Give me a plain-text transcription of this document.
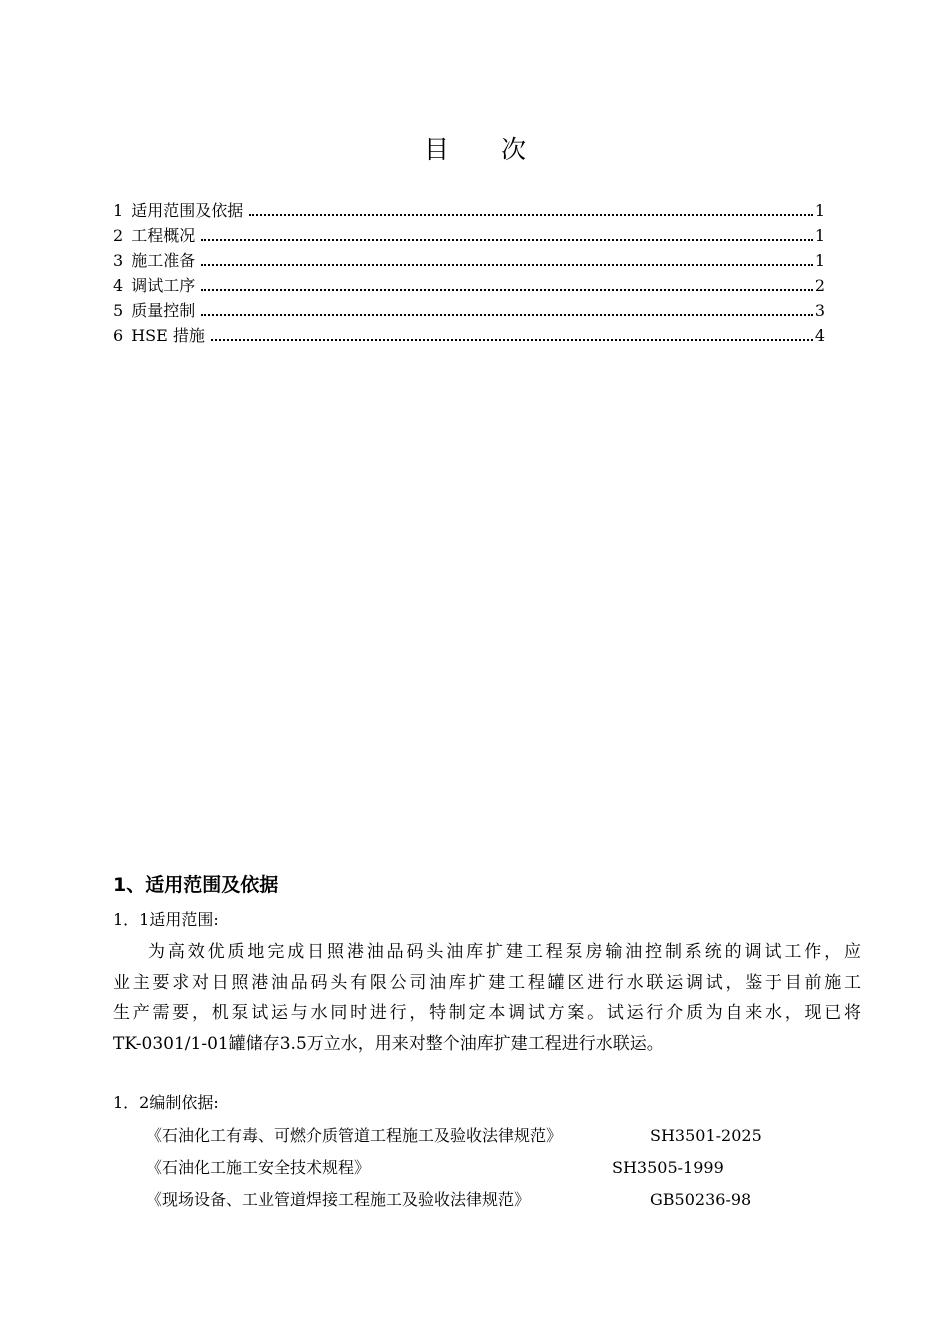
目次
1 适用范围及依据	1
2 工程概况	1
3 施工准备	1
4 调试工序	2
5 质量控制	3
6 HSE 措施	4
1、适用范围及依据
1．1适用范围:
为高效优质地完成日照港油品码头油库扩建工程泵房输油控制系统的调试工作，应
业主要求对日照港油品码头有限公司油库扩建工程罐区进行水联运调试，鉴于目前施工
生产需要，机泵试运与水同时进行，特制定本调试方案。试运行介质为自来水，现已将
TK-0301/1-01罐储存3.5万立水，用来对整个油库扩建工程进行水联运。
1．2编制依据:
《石油化工有毒、可燃介质管道工程施工及验收法律规范》	SH3501-2025
《石油化工施工安全技术规程》	SH3505-1999
《现场设备、工业管道焊接工程施工及验收法律规范》	GB50236-98
